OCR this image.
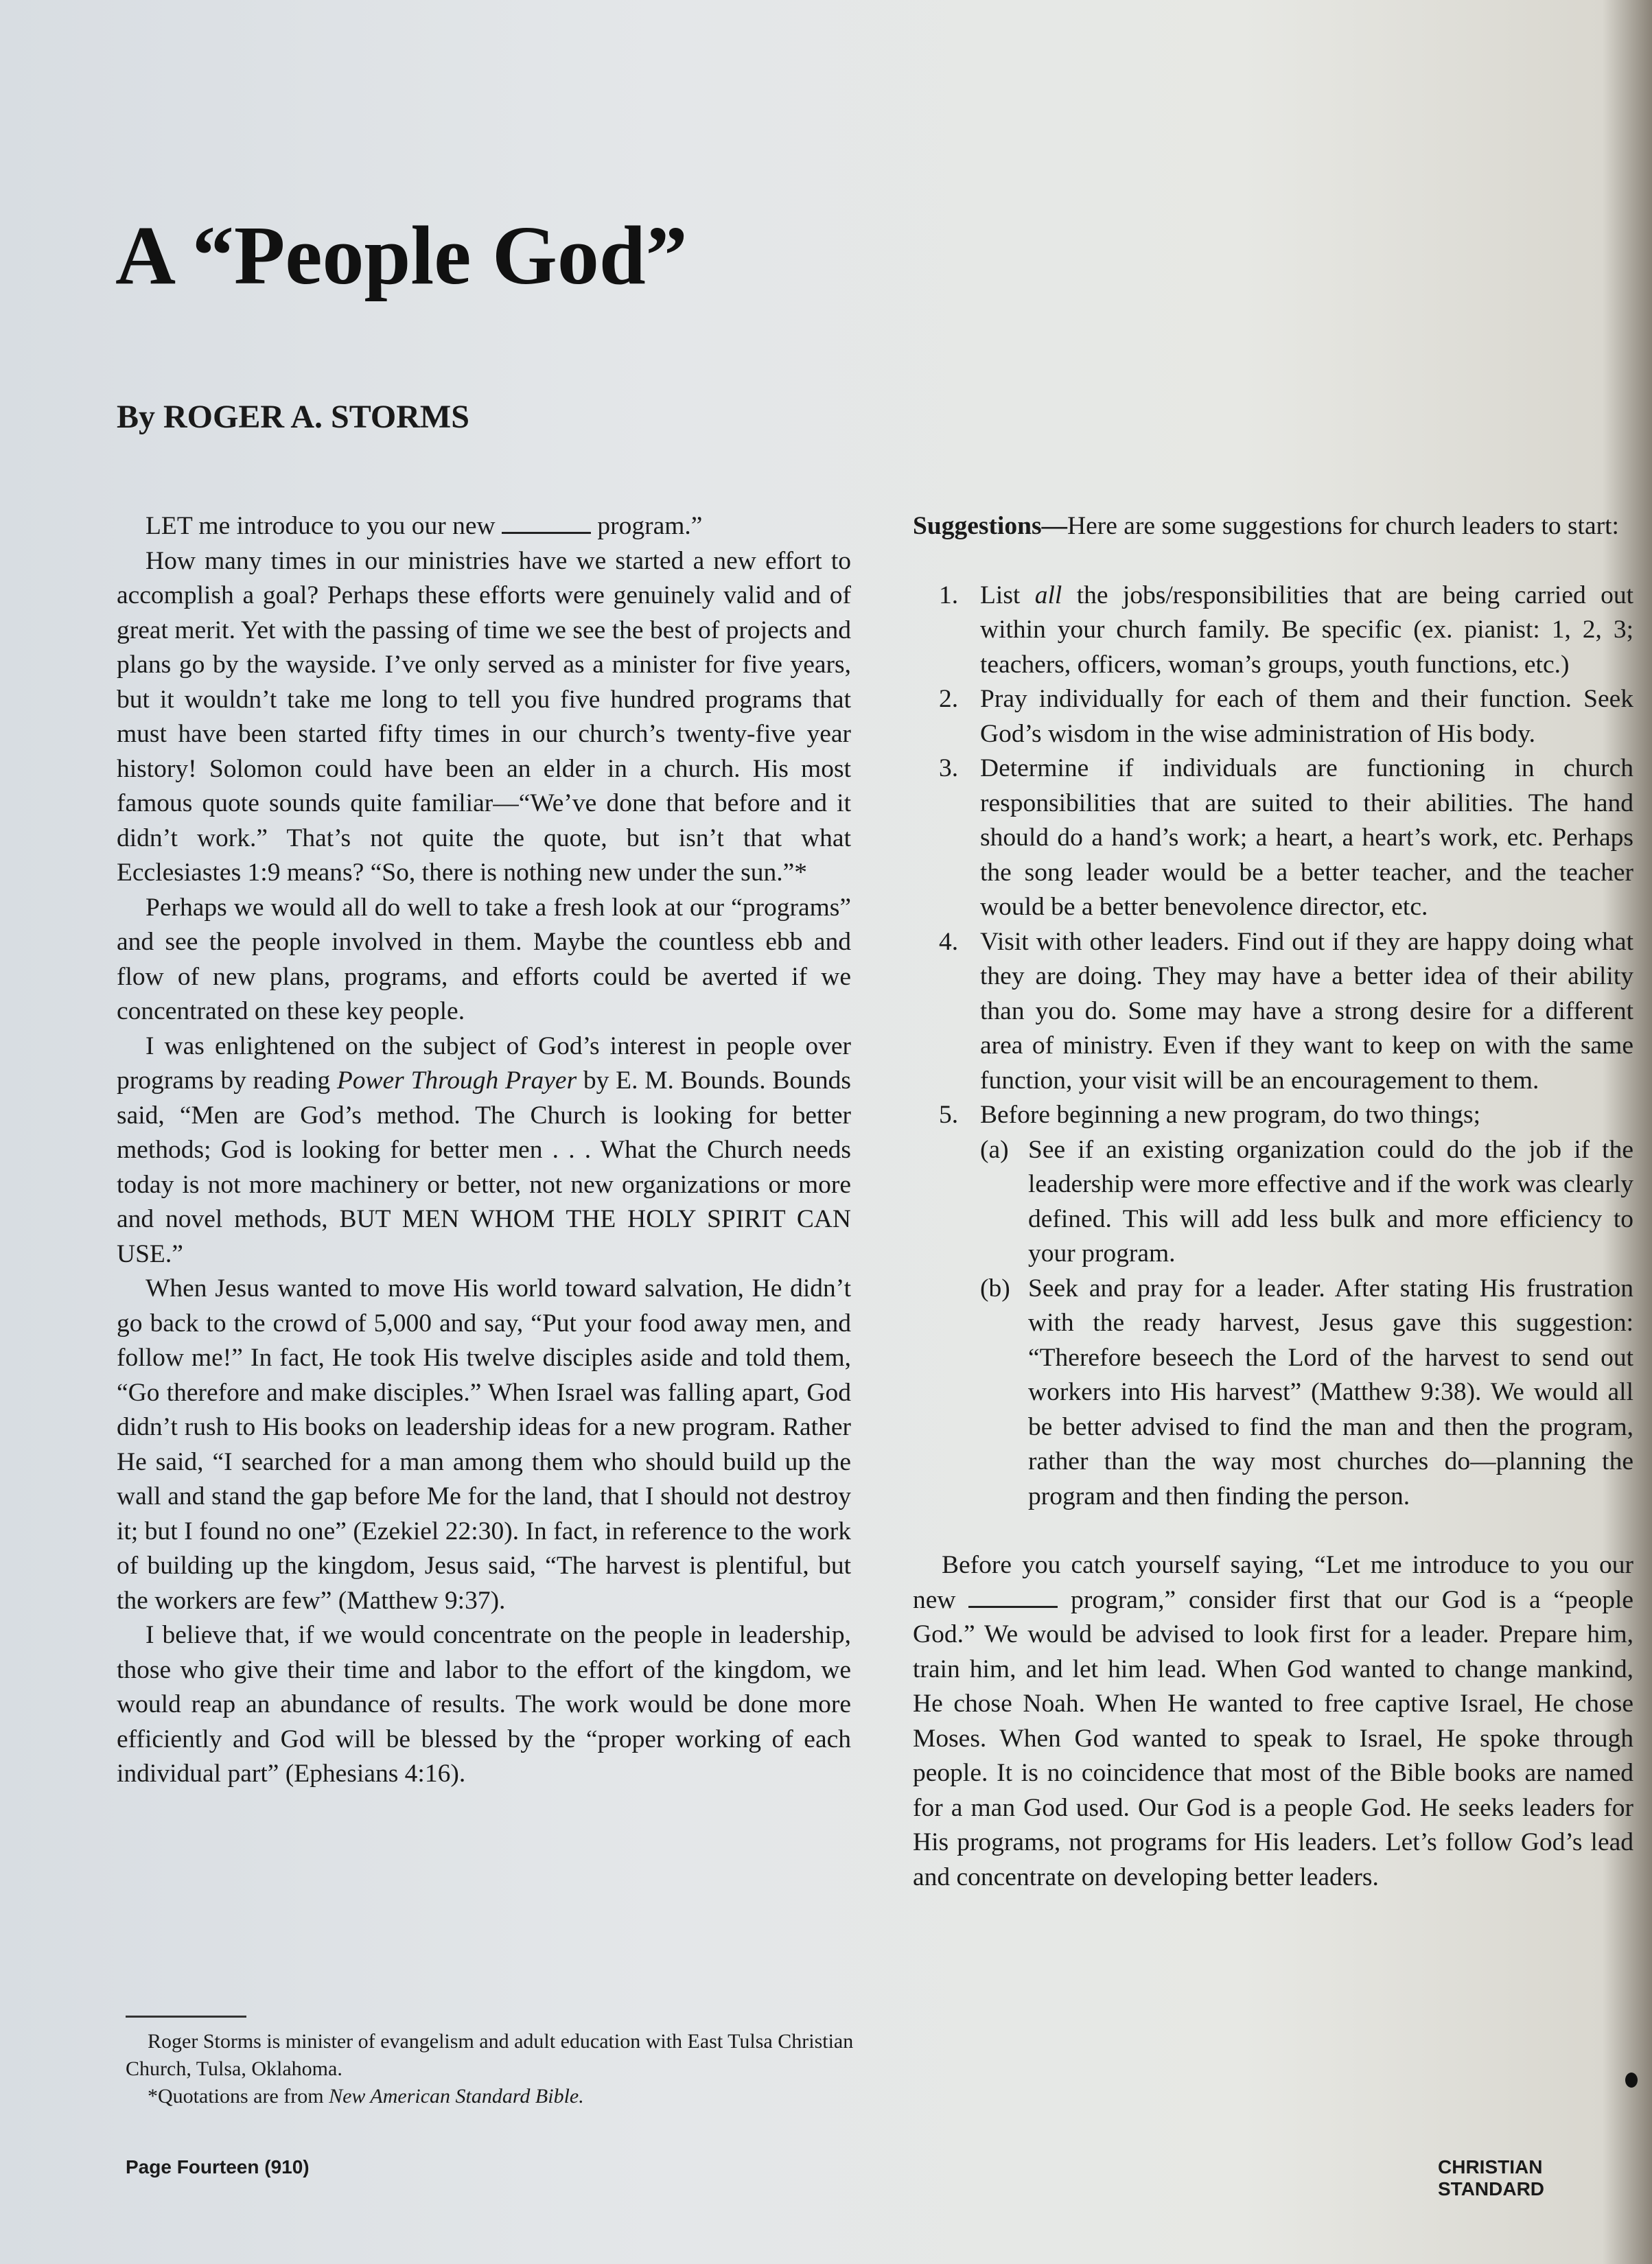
A “People God”
By ROGER A. STORMS

LET me introduce to you our new	program.”

How many times in our ministries have we started a new effort to accomplish a goal? Perhaps these efforts were genuinely valid and of great merit. Yet with the passing of time we see the best of projects and plans go by the wayside. I’ve only served as a minister for five years, but it wouldn’t take me long to tell you five hundred programs that must have been started fifty times in our church’s twenty-five year history! Solomon could have been an elder in a church. His most famous quote sounds quite familiar—“We’ve done that before and it didn’t work.” That’s not quite the quote, but isn’t that what Ecclesiastes 1:9 means? “So, there is nothing new under the sun.”*

Perhaps we would all do well to take a fresh look at our “programs” and see the people involved in them. Maybe the countless ebb and flow of new plans, programs, and efforts could be averted if we concentrated on these key people.

I was enlightened on the subject of God’s interest in people over programs by reading Power Through Prayer by E. M. Bounds. Bounds said, “Men are God’s method. The Church is looking for better methods; God is looking for better men . . . What the Church needs today is not more machinery or better, not new organizations or more and novel methods, BUT MEN WHOM THE HOLY SPIRIT CAN USE.”

When Jesus wanted to move His world toward salvation, He didn’t go back to the crowd of 5,000 and say, “Put your food away men, and follow me!” In fact, He took His twelve disciples aside and told them, “Go therefore and make disciples.” When Israel was falling apart, God didn’t rush to His books on leadership ideas for a new program. Rather He said, “I searched for a man among them who should build up the wall and stand the gap before Me for the land, that I should not destroy it; but I found no one” (Ezekiel 22:30). In fact, in reference to the work of building up the kingdom, Jesus said, “The harvest is plentiful, but the workers are few” (Matthew 9:37).

I believe that, if we would concentrate on the people in leadership, those who give their time and labor to the effort of the kingdom, we would reap an abundance of results. The work would be done more efficiently and God will be blessed by the “proper working of each individual part” (Ephesians 4:16).

Suggestions—Here are some suggestions for church leaders to start:

1. List all the jobs/responsibilities that are being carried out within your church family. Be specific (ex. pianist: 1, 2, 3; teachers, officers, woman’s groups, youth functions, etc.)
2. Pray individually for each of them and their function. Seek God’s wisdom in the wise administration of His body.
3. Determine if individuals are functioning in church responsibilities that are suited to their abilities. The hand should do a hand’s work; a heart, a heart’s work, etc. Perhaps the song leader would be a better teacher, and the teacher would be a better benevolence director, etc.
4. Visit with other leaders. Find out if they are happy doing what they are doing. They may have a better idea of their ability than you do. Some may have a strong desire for a different area of ministry. Even if they want to keep on with the same function, your visit will be an encouragement to them.
5. Before beginning a new program, do two things;
(a) See if an existing organization could do the job if the leadership were more effective and if the work was clearly defined. This will add less bulk and more efficiency to your program.
(b) Seek and pray for a leader. After stating His frustration with the ready harvest, Jesus gave this suggestion: “Therefore beseech the Lord of the harvest to send out workers into His harvest” (Matthew 9:38). We would all be better advised to find the man and then the program, rather than the way most churches do—planning the program and then finding the person.

Before you catch yourself saying, “Let me introduce to you our new	program,” consider first that our God is a “people God.” We would be advised to look first for a leader. Prepare him, train him, and let him lead. When God wanted to change mankind, He chose Noah. When He wanted to free captive Israel, He chose Moses. When God wanted to speak to Israel, He spoke through people. It is no coincidence that most of the Bible books are named for a man God used. Our God is a people God. He seeks leaders for His programs, not programs for His leaders. Let’s follow God’s lead and concentrate on developing better leaders.

Roger Storms is minister of evangelism and adult education with East Tulsa Christian Church, Tulsa, Oklahoma.

*Quotations are from New American Standard Bible.

Page Fourteen (910)	CHRISTIAN STANDARD
